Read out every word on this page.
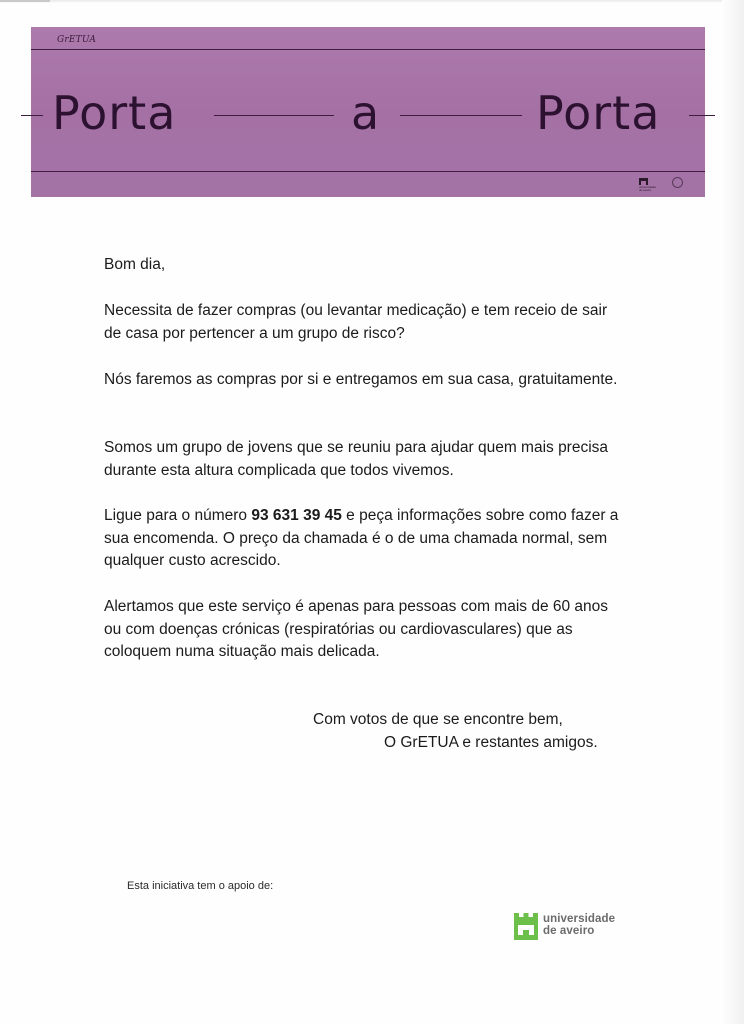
GrETUA
Porta	a	Porta
universidade de aveiro

Bom dia,

Necessita de fazer compras (ou levantar medicação) e tem receio de sair de casa por pertencer a um grupo de risco?

Nós faremos as compras por si e entregamos em sua casa, gratuitamente.

Somos um grupo de jovens que se reuniu para ajudar quem mais precisa durante esta altura complicada que todos vivemos.

Ligue para o número 93 631 39 45 e peça informações sobre como fazer a sua encomenda. O preço da chamada é o de uma chamada normal, sem qualquer custo acrescido.

Alertamos que este serviço é apenas para pessoas com mais de 60 anos ou com doenças crónicas (respiratórias ou cardiovasculares) que as coloquem numa situação mais delicada.

Com votos de que se encontre bem,
O GrETUA e restantes amigos.
Esta iniciativa tem o apoio de:
universidade
de aveiro
